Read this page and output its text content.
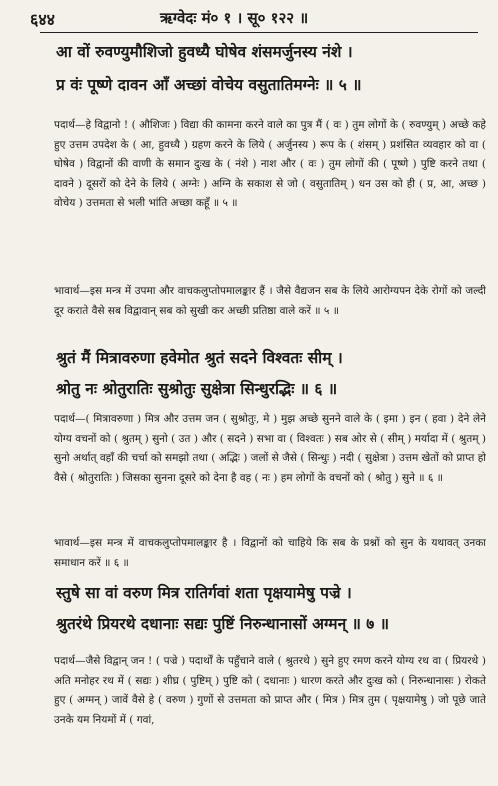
६४४	ऋग्वेदः मं० १ । सू० १२२ ॥
आ वों रुवण्युमौशिजो हुवध्यै घोषेव शंसमर्जुनस्य नंशे ।
प्र वंः पूष्णे दावन आँ अच्छां वोचेय वसुतातिमग्नेः ॥ ५ ॥
पदार्थ—हे विद्वानो ! ( औशिजः ) विद्या की कामना करने वाले का पुत्र मैं ( वः ) तुम लोगों के ( रुवण्युम् ) अच्छे कहे हुए उत्तम उपदेश के ( आ, हुवध्यै ) ग्रहण करने के लिये ( अर्जुनस्य ) रूप के ( शंसम् ) प्रशंसित व्यवहार को वा ( घोषेव ) विद्वानों की वाणी के समान दुःख के ( नंशे ) नाश और ( वः ) तुम लोगों की ( पूष्णे ) पुष्टि करने तथा ( दावने ) दूसरों को देने के लिये ( अग्नेः ) अग्नि के सकाश से जो ( वसुतातिम् ) धन उस को ही ( प्र, आ, अच्छ ) वोचेय ) उत्तमता से भली भांति अच्छा कहूँ ॥ ५ ॥
भावार्थ—इस मन्त्र में उपमा और वाचकलुप्तोपमालङ्कार हैं । जैसे वैद्यजन सब के लिये आरोग्यपन देके रोगों को जल्दी दूर कराते वैसे सब विद्वावान् सब को सुखी कर अच्छी प्रतिष्ठा वाले करें ॥ ५ ॥
श्रुतं मैं मित्रावरुणा हवेमोत श्रुतं सदने विश्वतः सीम् ।
श्रोतु नः श्रोतुरातिः सुश्रोतुः सुक्षेत्रा सिन्धुरद्भिः ॥ ६ ॥
पदार्थ—( मित्रावरुणा ) मित्र और उत्तम जन ( सुश्रोतुः, मे ) मुझ अच्छे सुनने वाले के ( इमा ) इन ( हवा ) देने लेने योग्य वचनों को ( श्रुतम् ) सुनो ( उत ) और ( सदने ) सभा वा ( विश्वतः ) सब ओर से ( सीम् ) मर्यादा में ( श्रुतम् ) सुनो अर्थात् वहाँ की चर्चा को समझो तथा ( अद्भिः ) जलों से जैसे ( सिन्धुः ) नदी ( सुक्षेत्रा ) उत्तम खेतों को प्राप्त हो वैसे ( श्रोतुरातिः ) जिसका सुनना दूसरे को देना है वह ( नः ) हम लोगों के वचनों को ( श्रोतु ) सुने ॥ ६ ॥
भावार्थ—इस मन्त्र में वाचकलुप्तोपमालङ्कार है । विद्वानों को चाहिये कि सब के प्रश्नों को सुन के यथावत् उनका समाधान करें ॥ ६ ॥
स्तुषे सा वां वरुण मित्र रातिर्गवां शता पृक्षयामेषु पज्रे ।
श्रुतरंथे प्रियरथे दधानाः सद्यः पुष्टिं निरुन्धानासों अग्मन् ॥ ७ ॥
पदार्थ—जैसे विद्वान् जन ! ( पज्रे ) पदार्थों के पहुँचाने वाले ( श्रुतरथे ) सुने हुए रमण करने योग्य रथ वा ( प्रियरथे ) अति मनोहर रथ में ( सद्यः ) शीघ्र ( पुष्टिम् ) पुष्टि को ( दधानाः ) धारण करते और दुःख को ( निरुन्धानासः ) रोकते हुए ( अग्मन् ) जावें वैसे हे ( वरुण ) गुणों से उत्तमता को प्राप्त और ( मित्र ) मित्र तुम ( पृक्षयामेषु ) जो पूछे जाते उनके यम नियमों में ( गवां,
